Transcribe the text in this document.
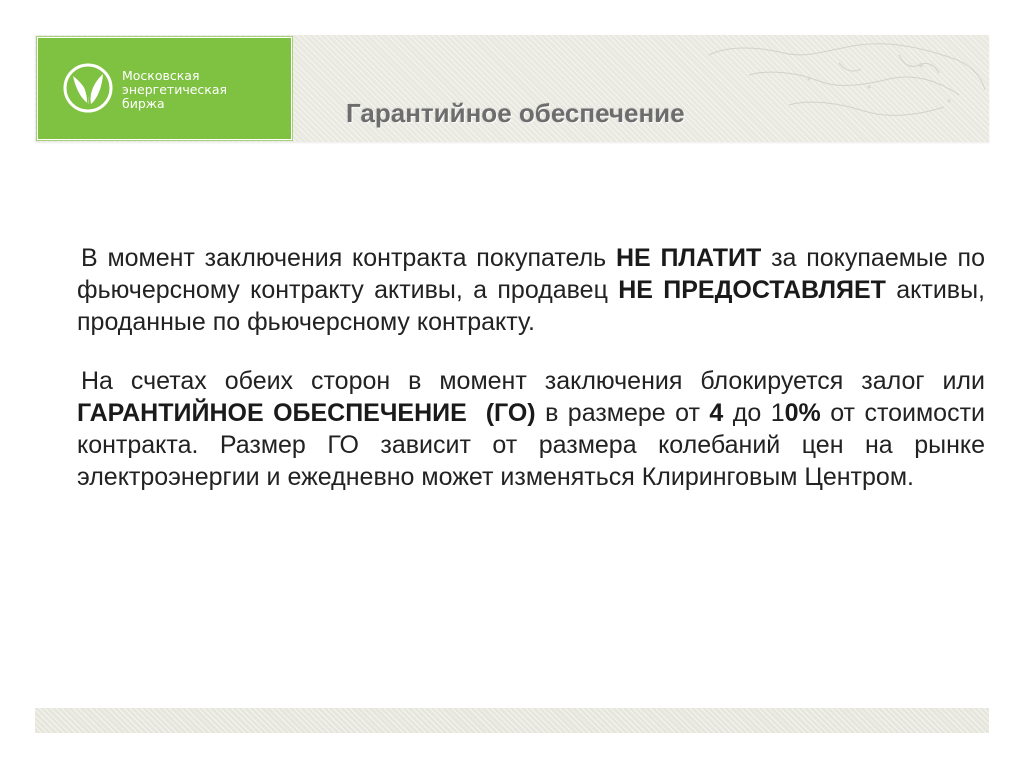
Московская
энергетическая
биржа	Гарантийное обеспечение

В момент заключения контракта покупатель НЕ ПЛАТИТ за покупаемые по фьючерсному контракту активы, а продавец НЕ ПРЕДОСТАВЛЯЕТ активы, проданные по фьючерсному контракту.

На счетах обеих сторон в момент заключения блокируется залог или ГАРАНТИЙНОЕ ОБЕСПЕЧЕНИЕ (ГО) в размере от 4 до 10% от стоимости контракта. Размер ГО зависит от размера колебаний цен на рынке электроэнергии и ежедневно может изменяться Клиринговым Центром.
